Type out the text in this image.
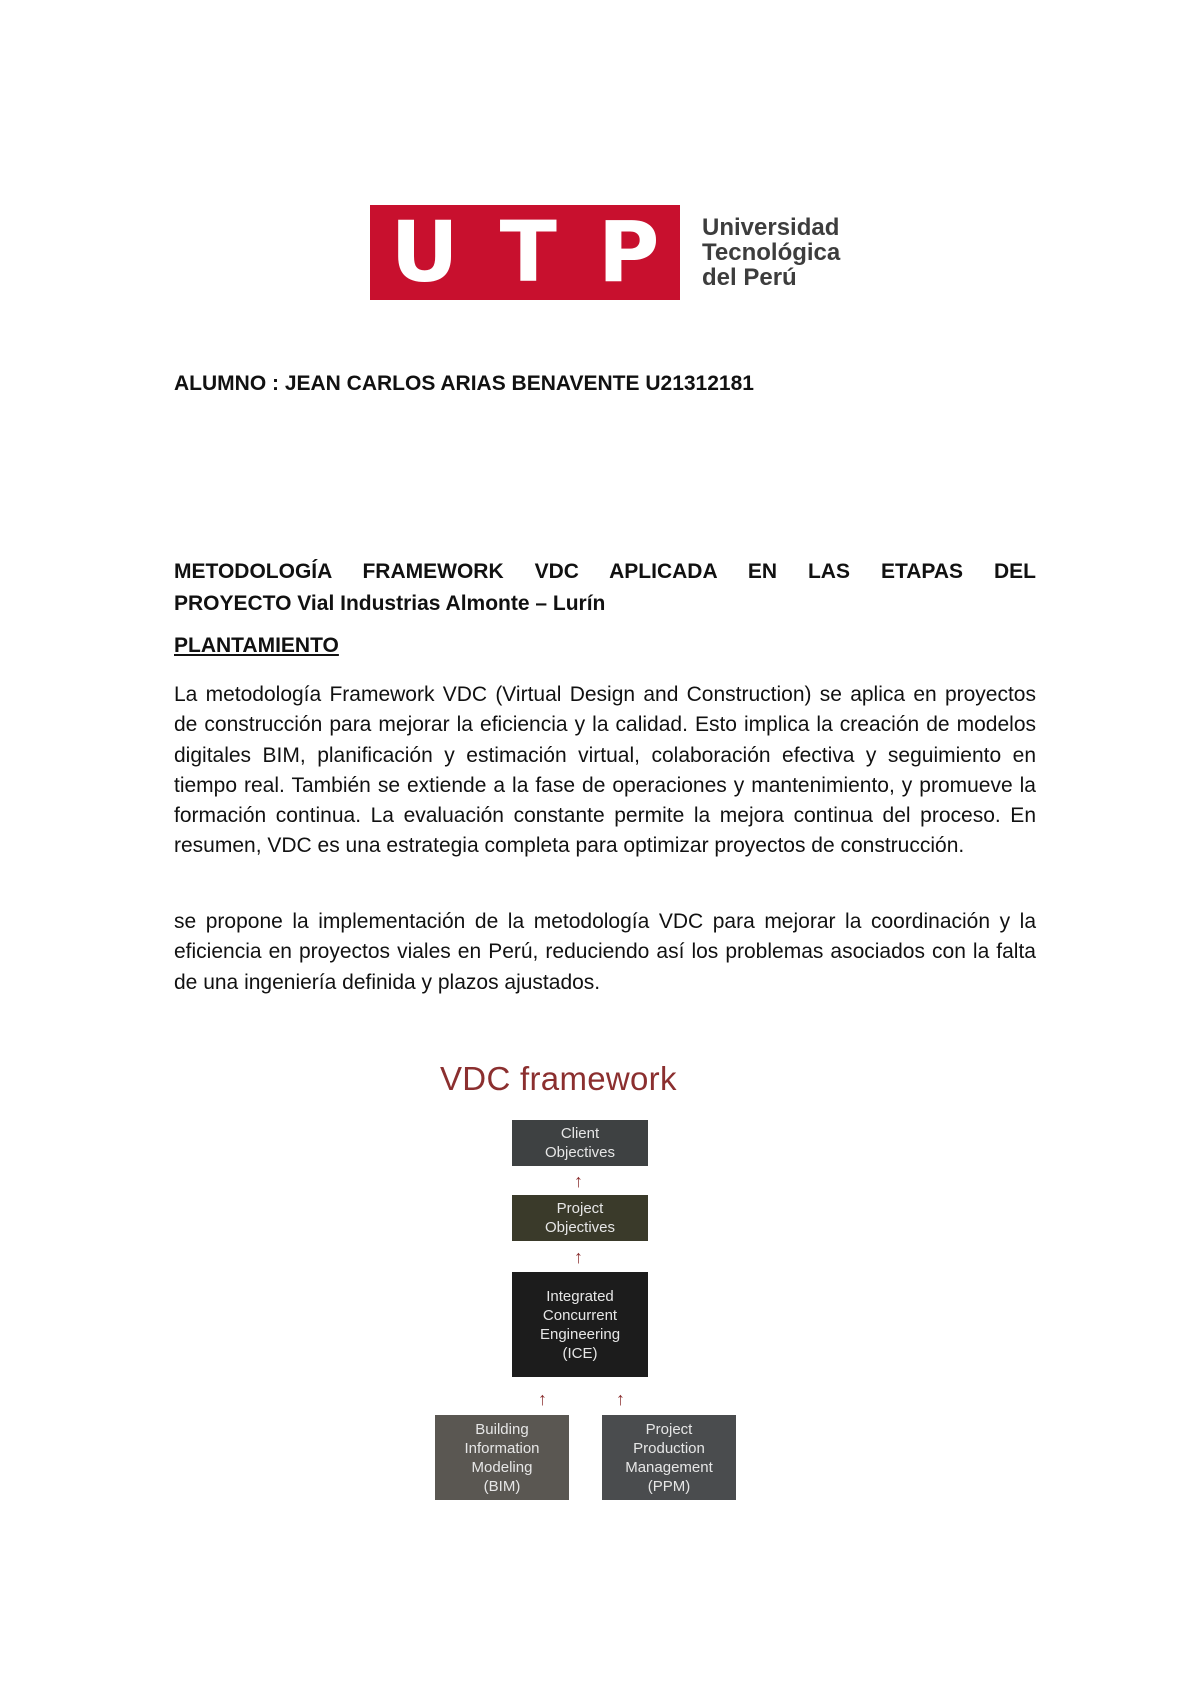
U T P Universidad
Tecnológica
del Perú

ALUMNO : JEAN CARLOS ARIAS BENAVENTE U21312181

METODOLOGÍA FRAMEWORK VDC APLICADA EN LAS ETAPAS DEL
PROYECTO Vial Industrias Almonte – Lurín

PLANTAMIENTO

La metodología Framework VDC (Virtual Design and Construction) se aplica en proyectos de construcción para mejorar la eficiencia y la calidad. Esto implica la creación de modelos digitales BIM, planificación y estimación virtual, colaboración efectiva y seguimiento en tiempo real. También se extiende a la fase de operaciones y mantenimiento, y promueve la formación continua. La evaluación constante permite la mejora continua del proceso. En resumen, VDC es una estrategia completa para optimizar proyectos de construcción.

se propone la implementación de la metodología VDC para mejorar la coordinación y la eficiencia en proyectos viales en Perú, reduciendo así los problemas asociados con la falta de una ingeniería definida y plazos ajustados.

VDC framework

Client
Objectives
↑
Project
Objectives
↑
Integrated
Concurrent
Engineering
(ICE)
↑	↑
Building
Information
Modeling
(BIM)
Project
Production
Management
(PPM)
